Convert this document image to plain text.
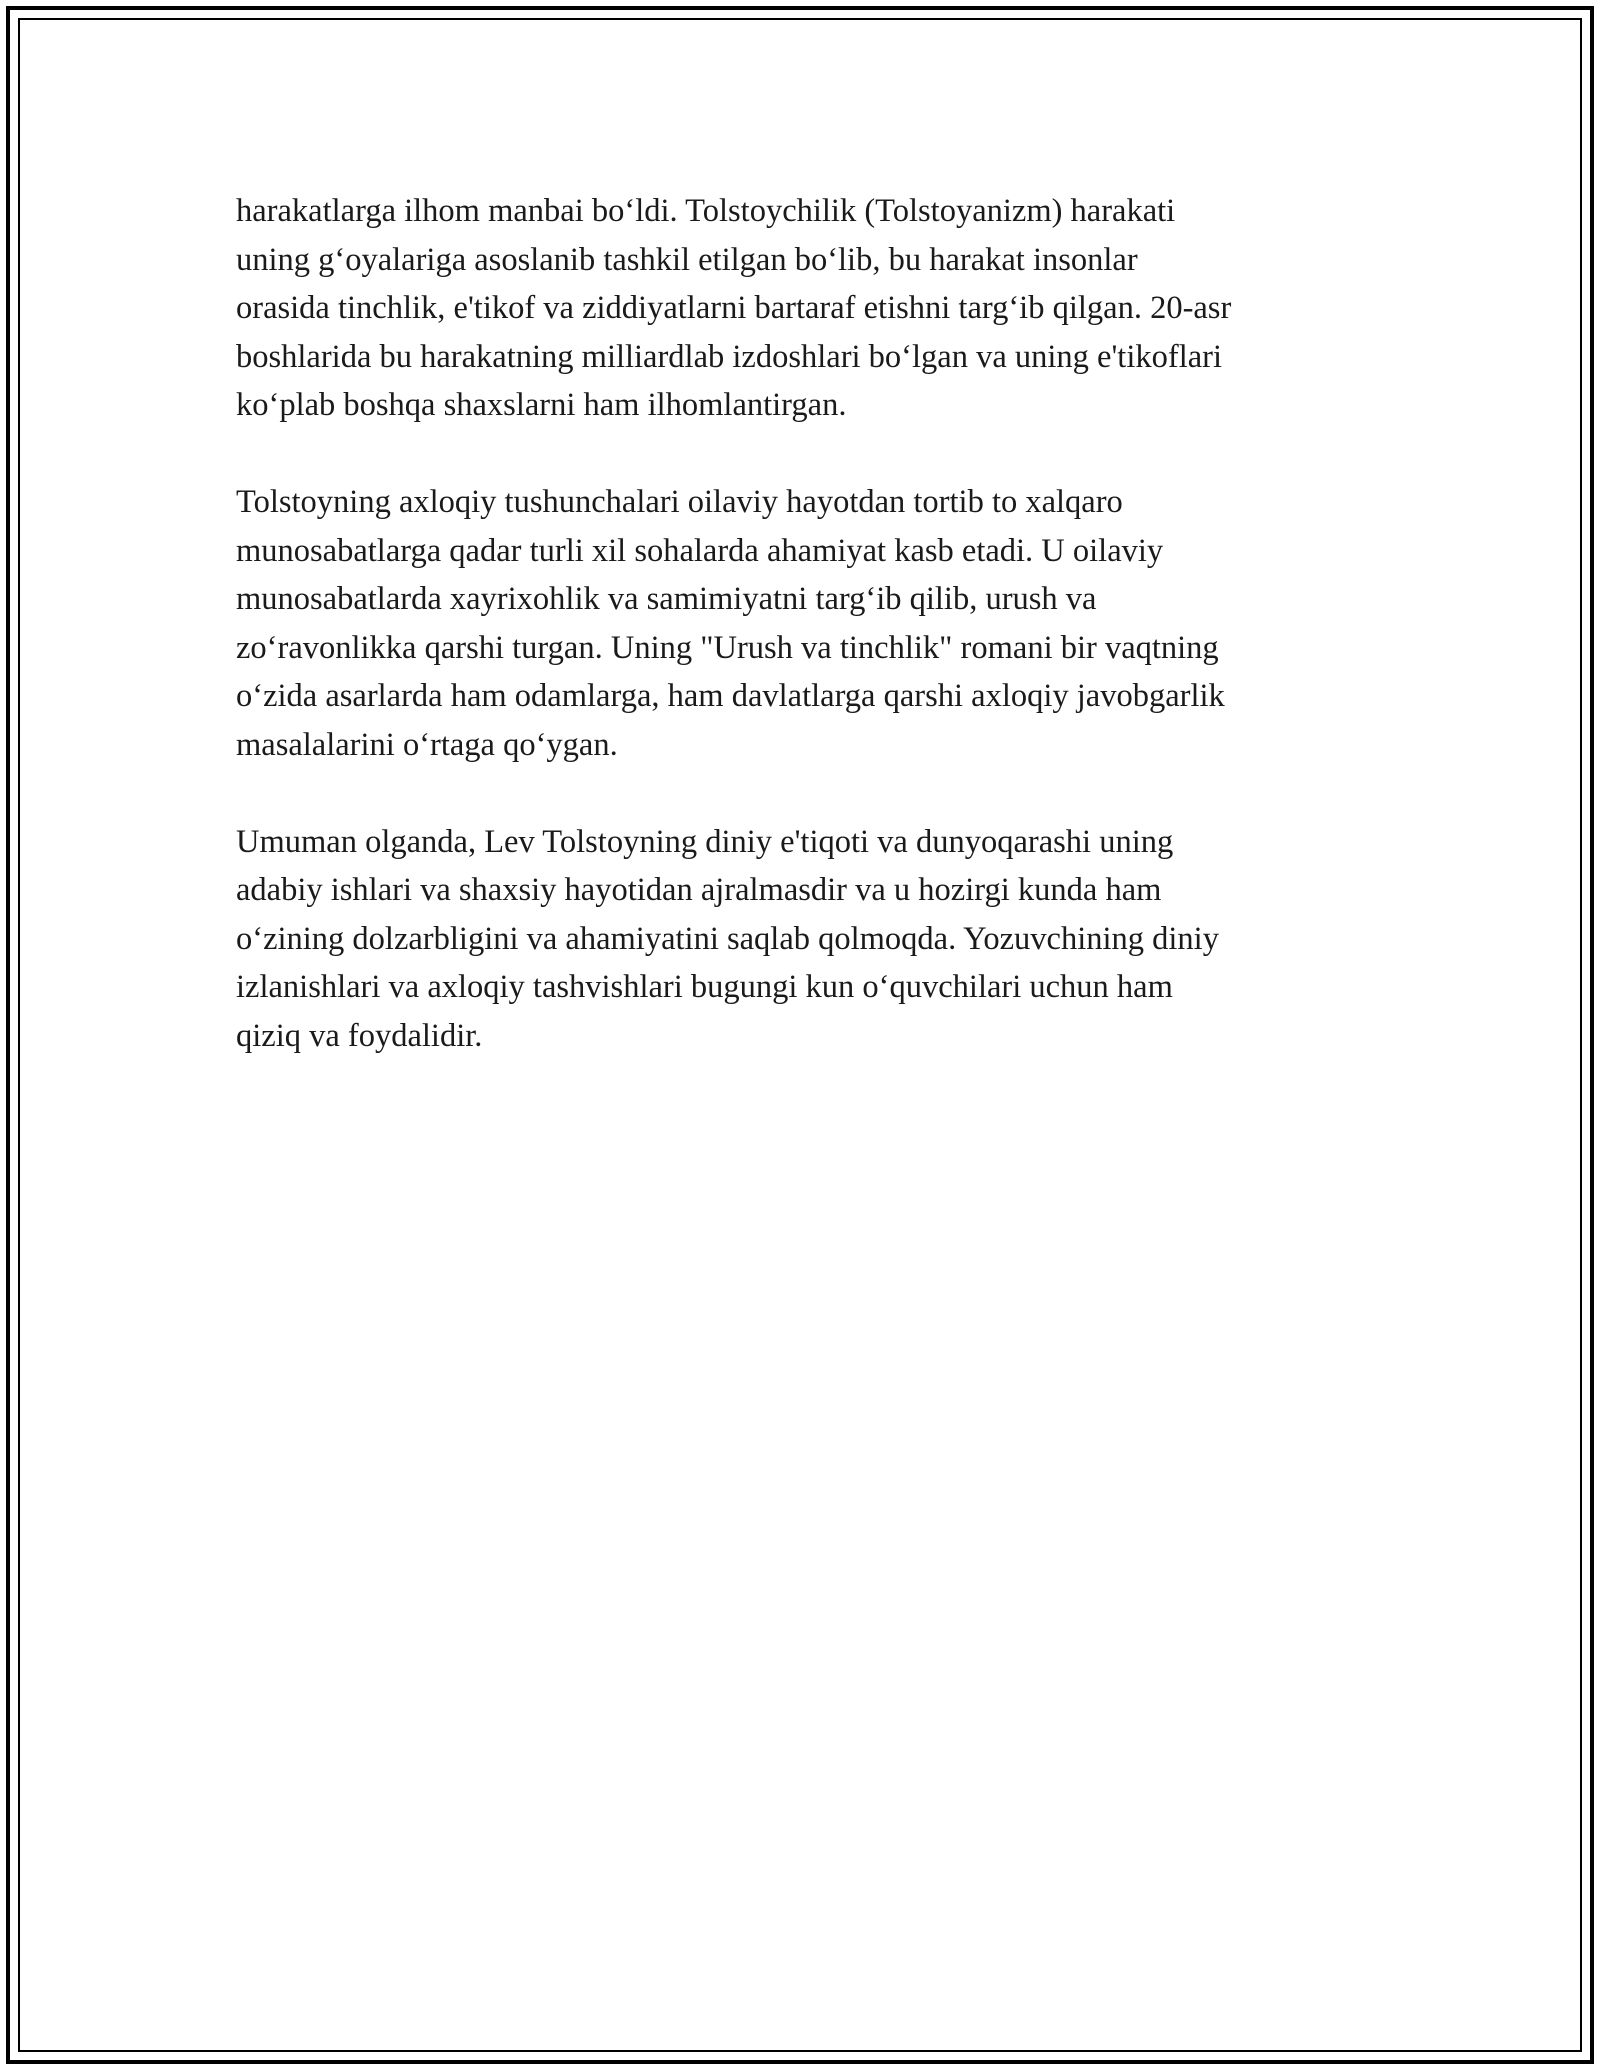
harakatlarga ilhom manbai bo‘ldi. Tolstoychilik (Tolstoyanizm) harakati
uning g‘oyalariga asoslanib tashkil etilgan bo‘lib, bu harakat insonlar
orasida tinchlik, e'tikof va ziddiyatlarni bartaraf etishni targ‘ib qilgan. 20-asr
boshlarida bu harakatning milliardlab izdoshlari bo‘lgan va uning e'tikoflari
ko‘plab boshqa shaxslarni ham ilhomlantirgan.

Tolstoyning axloqiy tushunchalari oilaviy hayotdan tortib to xalqaro
munosabatlarga qadar turli xil sohalarda ahamiyat kasb etadi. U oilaviy
munosabatlarda xayrixohlik va samimiyatni targ‘ib qilib, urush va
zo‘ravonlikka qarshi turgan. Uning "Urush va tinchlik" romani bir vaqtning
o‘zida asarlarda ham odamlarga, ham davlatlarga qarshi axloqiy javobgarlik
masalalarini o‘rtaga qo‘ygan.

Umuman olganda, Lev Tolstoyning diniy e'tiqoti va dunyoqarashi uning
adabiy ishlari va shaxsiy hayotidan ajralmasdir va u hozirgi kunda ham
o‘zining dolzarbligini va ahamiyatini saqlab qolmoqda. Yozuvchining diniy
izlanishlari va axloqiy tashvishlari bugungi kun o‘quvchilari uchun ham
qiziq va foydalidir.
